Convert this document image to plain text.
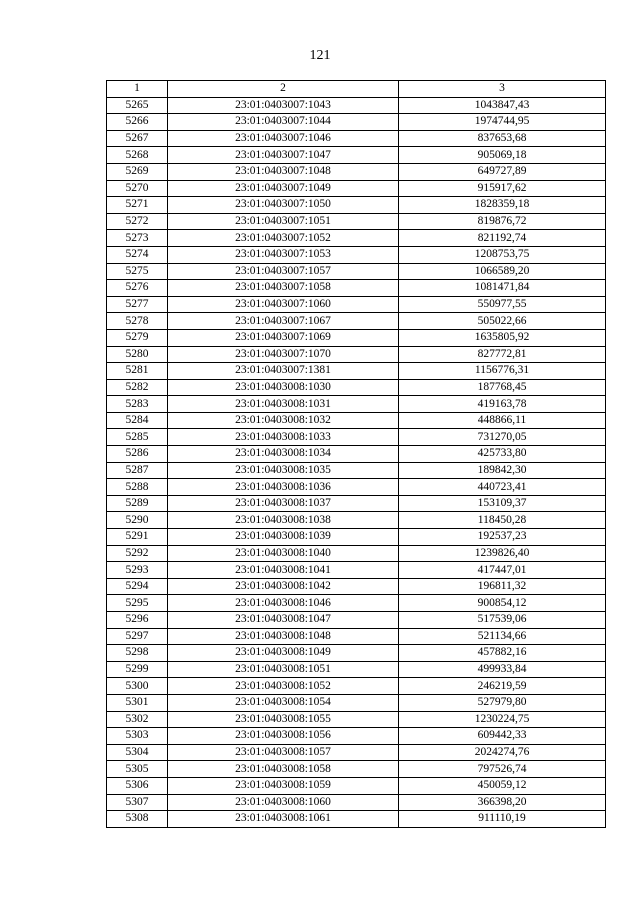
121
1	2	3
5265	23:01:0403007:1043	1043847,43
5266	23:01:0403007:1044	1974744,95
5267	23:01:0403007:1046	837653,68
5268	23:01:0403007:1047	905069,18
5269	23:01:0403007:1048	649727,89
5270	23:01:0403007:1049	915917,62
5271	23:01:0403007:1050	1828359,18
5272	23:01:0403007:1051	819876,72
5273	23:01:0403007:1052	821192,74
5274	23:01:0403007:1053	1208753,75
5275	23:01:0403007:1057	1066589,20
5276	23:01:0403007:1058	1081471,84
5277	23:01:0403007:1060	550977,55
5278	23:01:0403007:1067	505022,66
5279	23:01:0403007:1069	1635805,92
5280	23:01:0403007:1070	827772,81
5281	23:01:0403007:1381	1156776,31
5282	23:01:0403008:1030	187768,45
5283	23:01:0403008:1031	419163,78
5284	23:01:0403008:1032	448866,11
5285	23:01:0403008:1033	731270,05
5286	23:01:0403008:1034	425733,80
5287	23:01:0403008:1035	189842,30
5288	23:01:0403008:1036	440723,41
5289	23:01:0403008:1037	153109,37
5290	23:01:0403008:1038	118450,28
5291	23:01:0403008:1039	192537,23
5292	23:01:0403008:1040	1239826,40
5293	23:01:0403008:1041	417447,01
5294	23:01:0403008:1042	196811,32
5295	23:01:0403008:1046	900854,12
5296	23:01:0403008:1047	517539,06
5297	23:01:0403008:1048	521134,66
5298	23:01:0403008:1049	457882,16
5299	23:01:0403008:1051	499933,84
5300	23:01:0403008:1052	246219,59
5301	23:01:0403008:1054	527979,80
5302	23:01:0403008:1055	1230224,75
5303	23:01:0403008:1056	609442,33
5304	23:01:0403008:1057	2024274,76
5305	23:01:0403008:1058	797526,74
5306	23:01:0403008:1059	450059,12
5307	23:01:0403008:1060	366398,20
5308	23:01:0403008:1061	911110,19
